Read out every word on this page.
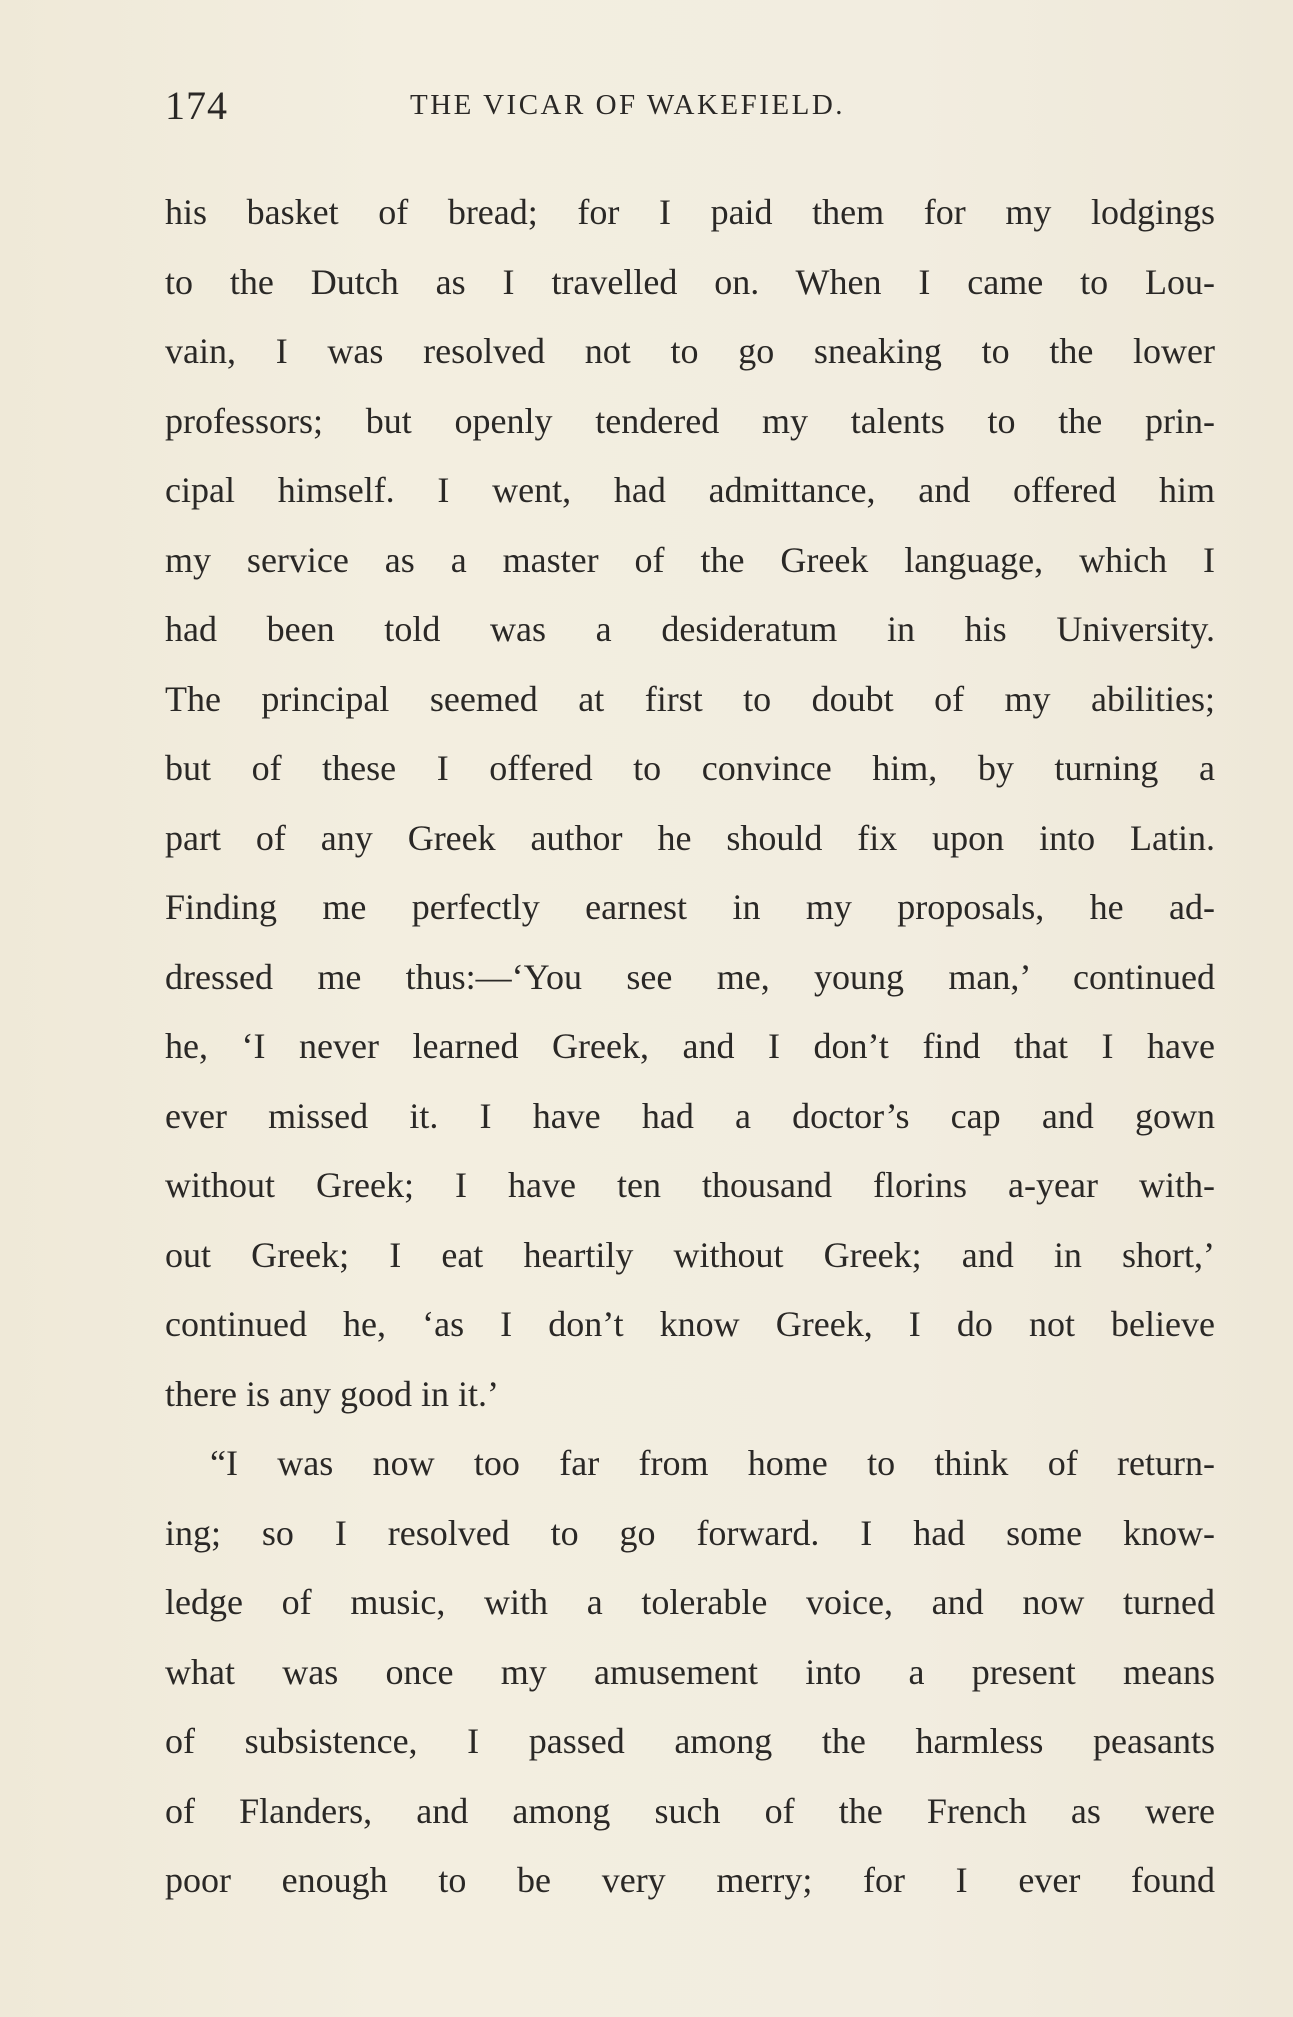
174	THE VICAR OF WAKEFIELD.
his basket of bread; for I paid them for my lodgings
to the Dutch as I travelled on. When I came to Lou-
vain, I was resolved not to go sneaking to the lower
professors; but openly tendered my talents to the prin-
cipal himself. I went, had admittance, and offered him
my service as a master of the Greek language, which I
had been told was a desideratum in his University.
The principal seemed at first to doubt of my abilities;
but of these I offered to convince him, by turning a
part of any Greek author he should fix upon into Latin.
Finding me perfectly earnest in my proposals, he ad-
dressed me thus:—‘You see me, young man,’ continued
he, ‘I never learned Greek, and I don’t find that I have
ever missed it. I have had a doctor’s cap and gown
without Greek; I have ten thousand florins a-year with-
out Greek; I eat heartily without Greek; and in short,’
continued he, ‘as I don’t know Greek, I do not believe
there is any good in it.’
“I was now too far from home to think of return-
ing; so I resolved to go forward. I had some know-
ledge of music, with a tolerable voice, and now turned
what was once my amusement into a present means
of subsistence, I passed among the harmless peasants
of Flanders, and among such of the French as were
poor enough to be very merry; for I ever found
